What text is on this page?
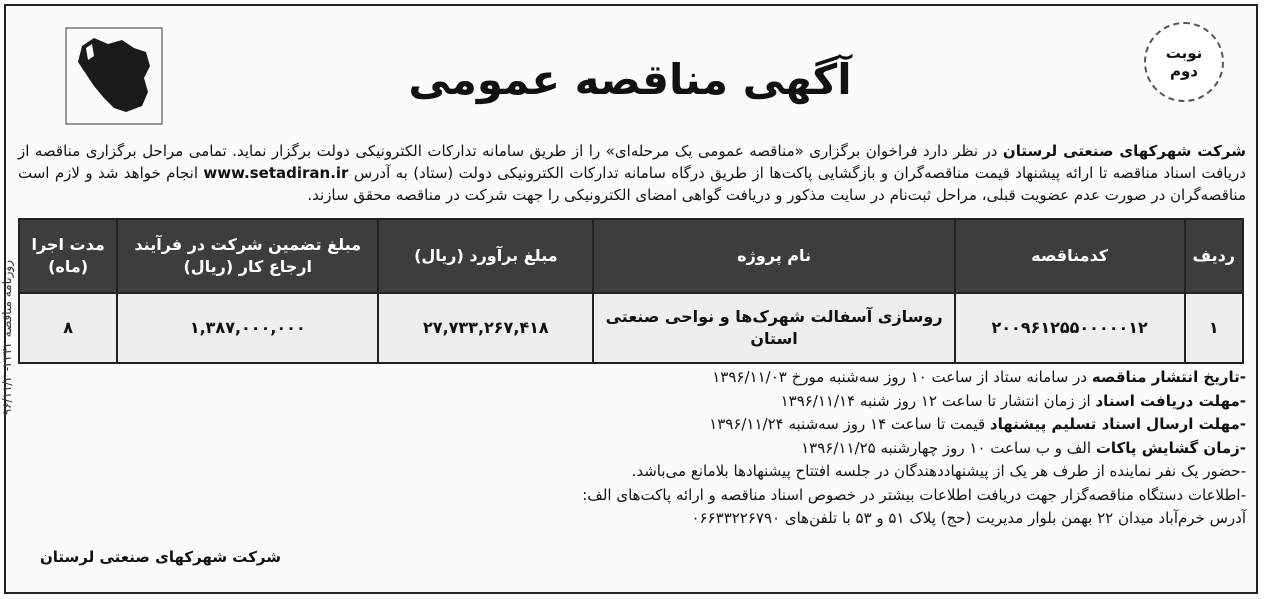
روزنامه مناقصه ۲۳۴۲- ۹۶/۱۱/۲
آگهی مناقصه عمومی
نوبت
دوم
شرکت شهرکهای صنعتی لرستان در نظر دارد فراخوان برگزاری «مناقصه عمومی یک مرحله‌ای» را از طریق سامانه تدارکات الکترونیکی دولت برگزار نماید. تمامی مراحل برگزاری مناقصه از دریافت اسناد مناقصه تا ارائه پیشنهاد قیمت مناقصه‌گران و بازگشایی پاکت‌ها از طریق درگاه سامانه تدارکات الکترونیکی دولت (ستاد) به آدرس www.setadiran.ir انجام خواهد شد و لازم است مناقصه‌گران در صورت عدم عضویت قبلی، مراحل ثبت‌نام در سایت مذکور و دریافت گواهی امضای الکترونیکی را جهت شرکت در مناقصه محقق سازند.
ردیف	کدمناقصه	نام پروژه	مبلغ برآورد (ریال)	مبلغ تضمین شرکت در فرآیند ارجاع کار (ریال)	مدت اجرا (ماه)
۱	۲۰۰۹۶۱۲۵۵۰۰۰۰۰۱۲	روسازی آسفالت شهرک‌ها و نواحی صنعتی استان	۲۷,۷۳۳,۲۶۷,۴۱۸	۱,۳۸۷,۰۰۰,۰۰۰	۸
-تاریخ انتشار مناقصه در سامانه ستاد از ساعت ۱۰ روز سه‌شنبه مورخ ۱۳۹۶/۱۱/۰۳
-مهلت دریافت اسناد از زمان انتشار تا ساعت ۱۲ روز شنبه ۱۳۹۶/۱۱/۱۴
-مهلت ارسال اسناد تسلیم پیشنهاد قیمت تا ساعت ۱۴ روز سه‌شنبه ۱۳۹۶/۱۱/۲۴
-زمان گشایش پاکات الف و ب ساعت ۱۰ روز چهارشنبه ۱۳۹۶/۱۱/۲۵
-حضور یک نفر نماینده از طرف هر یک از پیشنهاددهندگان در جلسه افتتاح پیشنهادها بلامانع می‌باشد.
-اطلاعات دستگاه مناقصه‌گزار جهت دریافت اطلاعات بیشتر در خصوص اسناد مناقصه و ارائه پاکت‌های الف:
آدرس خرم‌آباد میدان ۲۲ بهمن بلوار مدیریت (حج) پلاک ۵۱ و ۵۳ با تلفن‌های ۰۶۶۳۳۲۲۶۷۹۰
شرکت شهرکهای صنعتی لرستان
